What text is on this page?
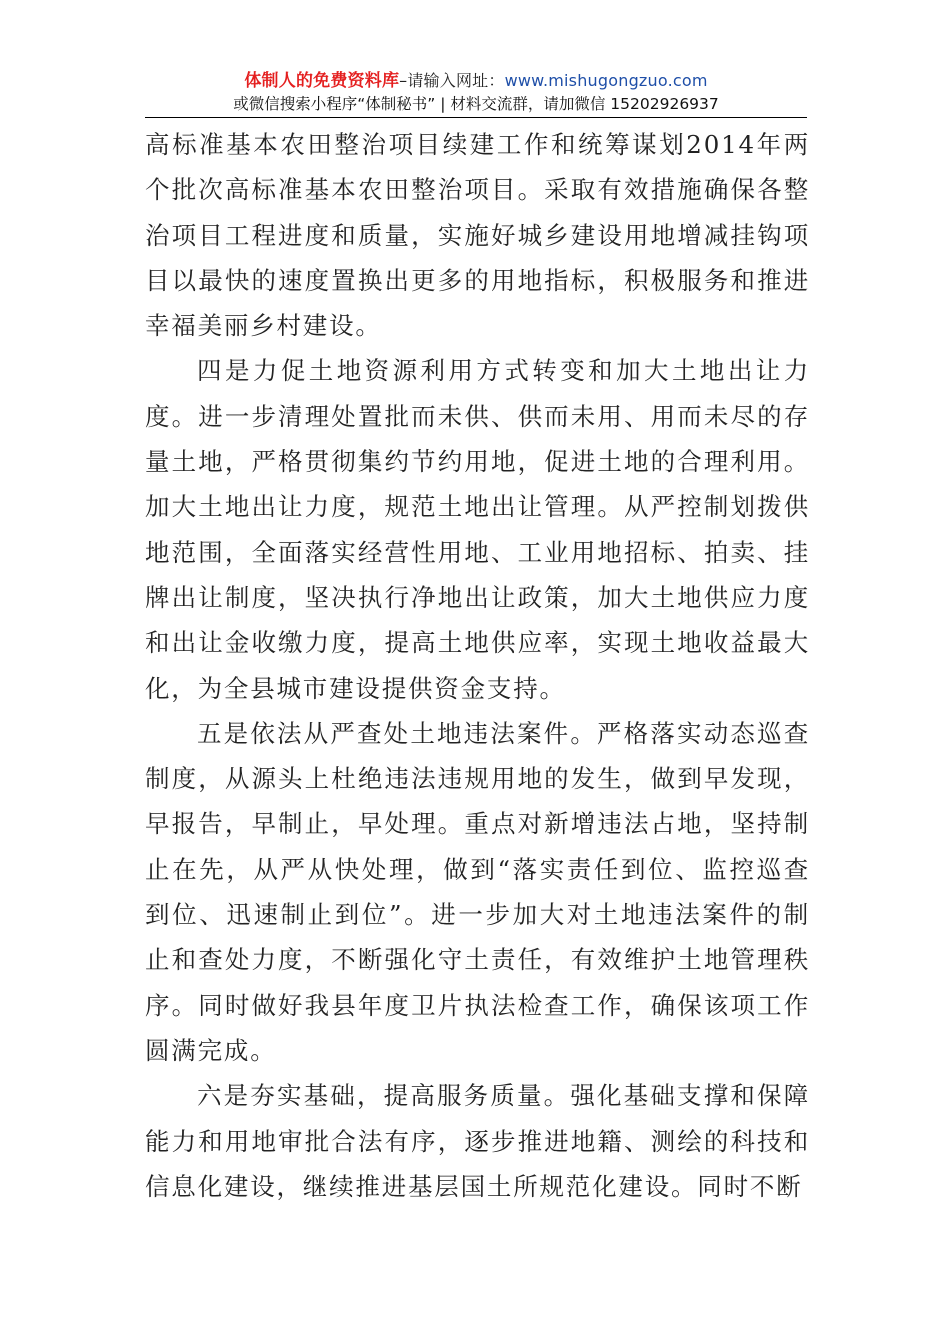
体制人的免费资料库–请输入网址：www.mishugongzuo.com
或微信搜索小程序“体制秘书” | 材料交流群，请加微信 15202926937

高标准基本农田整治项目续建工作和统筹谋划2014年两个批次高标准基本农田整治项目。采取有效措施确保各整治项目工程进度和质量，实施好城乡建设用地增减挂钩项目以最快的速度置换出更多的用地指标，积极服务和推进幸福美丽乡村建设。

四是力促土地资源利用方式转变和加大土地出让力度。进一步清理处置批而未供、供而未用、用而未尽的存量土地，严格贯彻集约节约用地，促进土地的合理利用。加大土地出让力度，规范土地出让管理。从严控制划拨供地范围，全面落实经营性用地、工业用地招标、拍卖、挂牌出让制度，坚决执行净地出让政策，加大土地供应力度和出让金收缴力度，提高土地供应率，实现土地收益最大化，为全县城市建设提供资金支持。

五是依法从严查处土地违法案件。严格落实动态巡查制度，从源头上杜绝违法违规用地的发生，做到早发现，早报告，早制止，早处理。重点对新增违法占地，坚持制止在先，从严从快处理，做到“落实责任到位、监控巡查到位、迅速制止到位”。进一步加大对土地违法案件的制止和查处力度，不断强化守土责任，有效维护土地管理秩序。同时做好我县年度卫片执法检查工作，确保该项工作圆满完成。

六是夯实基础，提高服务质量。强化基础支撑和保障能力和用地审批合法有序，逐步推进地籍、测绘的科技和信息化建设，继续推进基层国土所规范化建设。同时不断
